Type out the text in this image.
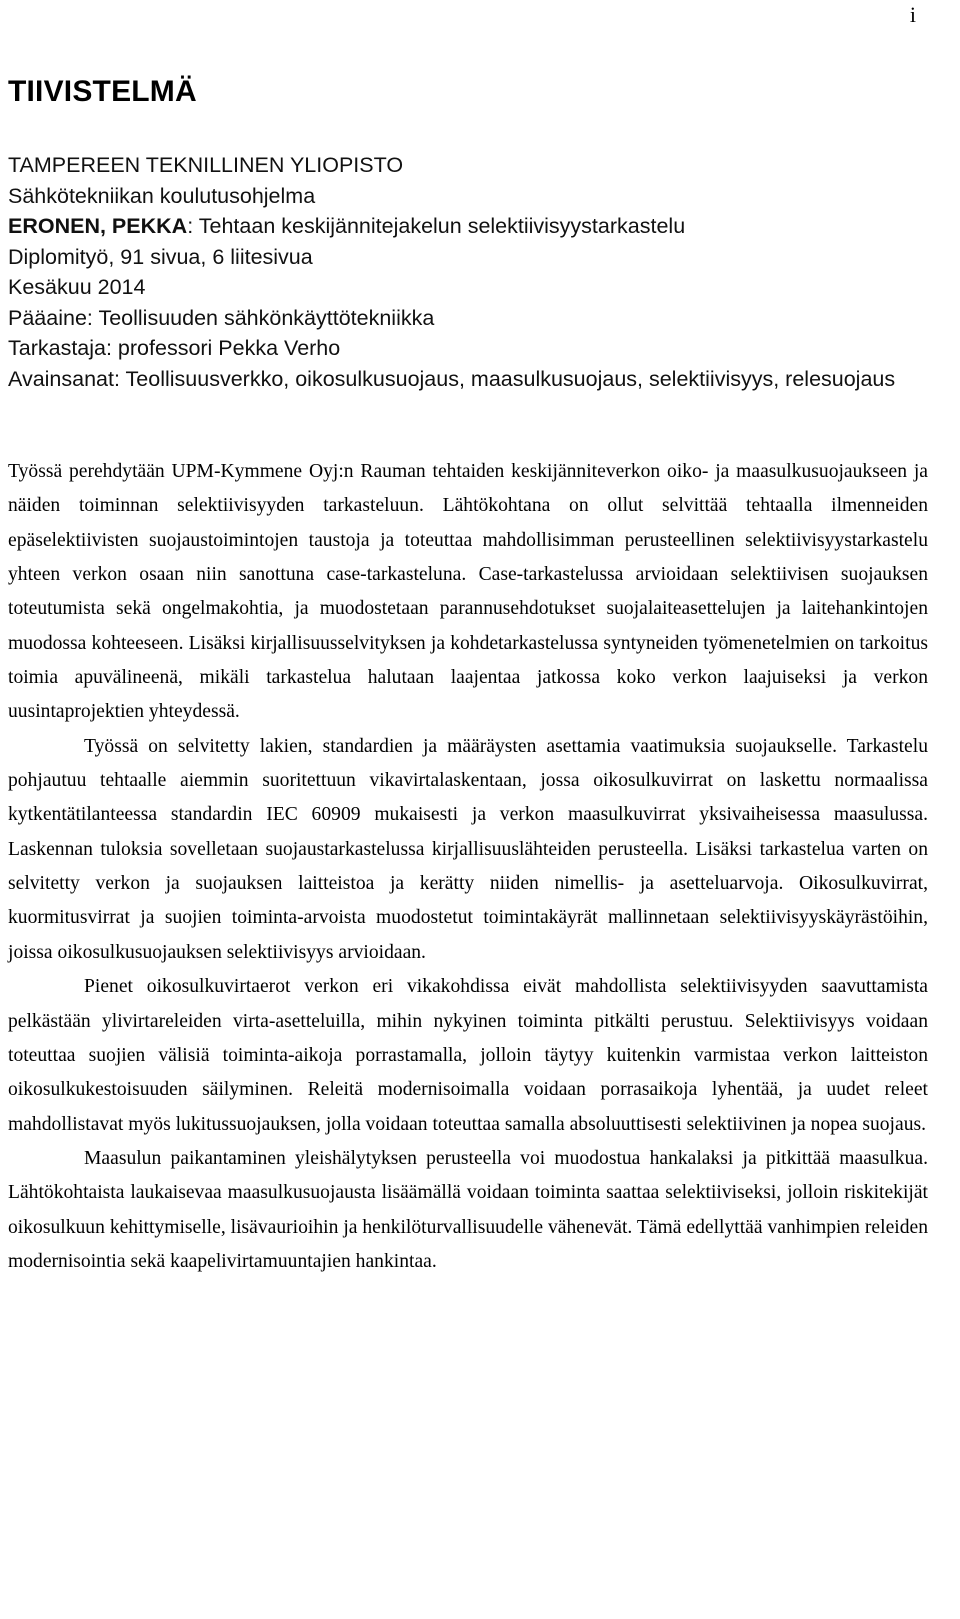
i
TIIVISTELMÄ
TAMPEREEN TEKNILLINEN YLIOPISTO
Sähkötekniikan koulutusohjelma
ERONEN, PEKKA: Tehtaan keskijännitejakelun selektiivisyystarkastelu
Diplomityö, 91 sivua, 6 liitesivua
Kesäkuu 2014
Pääaine: Teollisuuden sähkönkäyttötekniikka
Tarkastaja: professori Pekka Verho
Avainsanat: Teollisuusverkko, oikosulkusuojaus, maasulkusuojaus, selektiivisyys, relesuojaus

Työssä perehdytään UPM-Kymmene Oyj:n Rauman tehtaiden keskijänniteverkon oiko- ja maasulkusuojaukseen ja näiden toiminnan selektiivisyyden tarkasteluun. Lähtökohtana on ollut selvittää tehtaalla ilmenneiden epäselektiivisten suojaustoimintojen taustoja ja toteuttaa mahdollisimman perusteellinen selektiivisyystarkastelu yhteen verkon osaan niin sanottuna case-tarkasteluna. Case-tarkastelussa arvioidaan selektiivisen suojauksen toteutumista sekä ongelmakohtia, ja muodostetaan parannusehdotukset suojalaiteasettelujen ja laitehankintojen muodossa kohteeseen. Lisäksi kirjallisuusselvityksen ja kohdetarkastelussa syntyneiden työmenetelmien on tarkoitus toimia apuvälineenä, mikäli tarkastelua halutaan laajentaa jatkossa koko verkon laajuiseksi ja verkon uusintaprojektien yhteydessä.

Työssä on selvitetty lakien, standardien ja määräysten asettamia vaatimuksia suojaukselle. Tarkastelu pohjautuu tehtaalle aiemmin suoritettuun vikavirtalaskentaan, jossa oikosulkuvirrat on laskettu normaalissa kytkentätilanteessa standardin IEC 60909 mukaisesti ja verkon maasulkuvirrat yksivaiheisessa maasulussa. Laskennan tuloksia sovelletaan suojaustarkastelussa kirjallisuuslähteiden perusteella. Lisäksi tarkastelua varten on selvitetty verkon ja suojauksen laitteistoa ja kerätty niiden nimellis- ja asetteluarvoja. Oikosulkuvirrat, kuormitusvirrat ja suojien toiminta-arvoista muodostetut toimintakäyrät mallinnetaan selektiivisyyskäyrästöihin, joissa oikosulkusuojauksen selektiivisyys arvioidaan.

Pienet oikosulkuvirtaerot verkon eri vikakohdissa eivät mahdollista selektiivisyyden saavuttamista pelkästään ylivirtareleiden virta-asetteluilla, mihin nykyinen toiminta pitkälti perustuu. Selektiivisyys voidaan toteuttaa suojien välisiä toiminta-aikoja porrastamalla, jolloin täytyy kuitenkin varmistaa verkon laitteiston oikosulkukestoisuuden säilyminen. Releitä modernisoimalla voidaan porrasaikoja lyhentää, ja uudet releet mahdollistavat myös lukitussuojauksen, jolla voidaan toteuttaa samalla absoluuttisesti selektiivinen ja nopea suojaus.

Maasulun paikantaminen yleishälytyksen perusteella voi muodostua hankalaksi ja pitkittää maasulkua. Lähtökohtaista laukaisevaa maasulkusuojausta lisäämällä voidaan toiminta saattaa selektiiviseksi, jolloin riskitekijät oikosulkuun kehittymiselle, lisävaurioihin ja henkilöturvallisuudelle vähenevät. Tämä edellyttää vanhimpien releiden modernisointia sekä kaapelivirtamuuntajien hankintaa.
